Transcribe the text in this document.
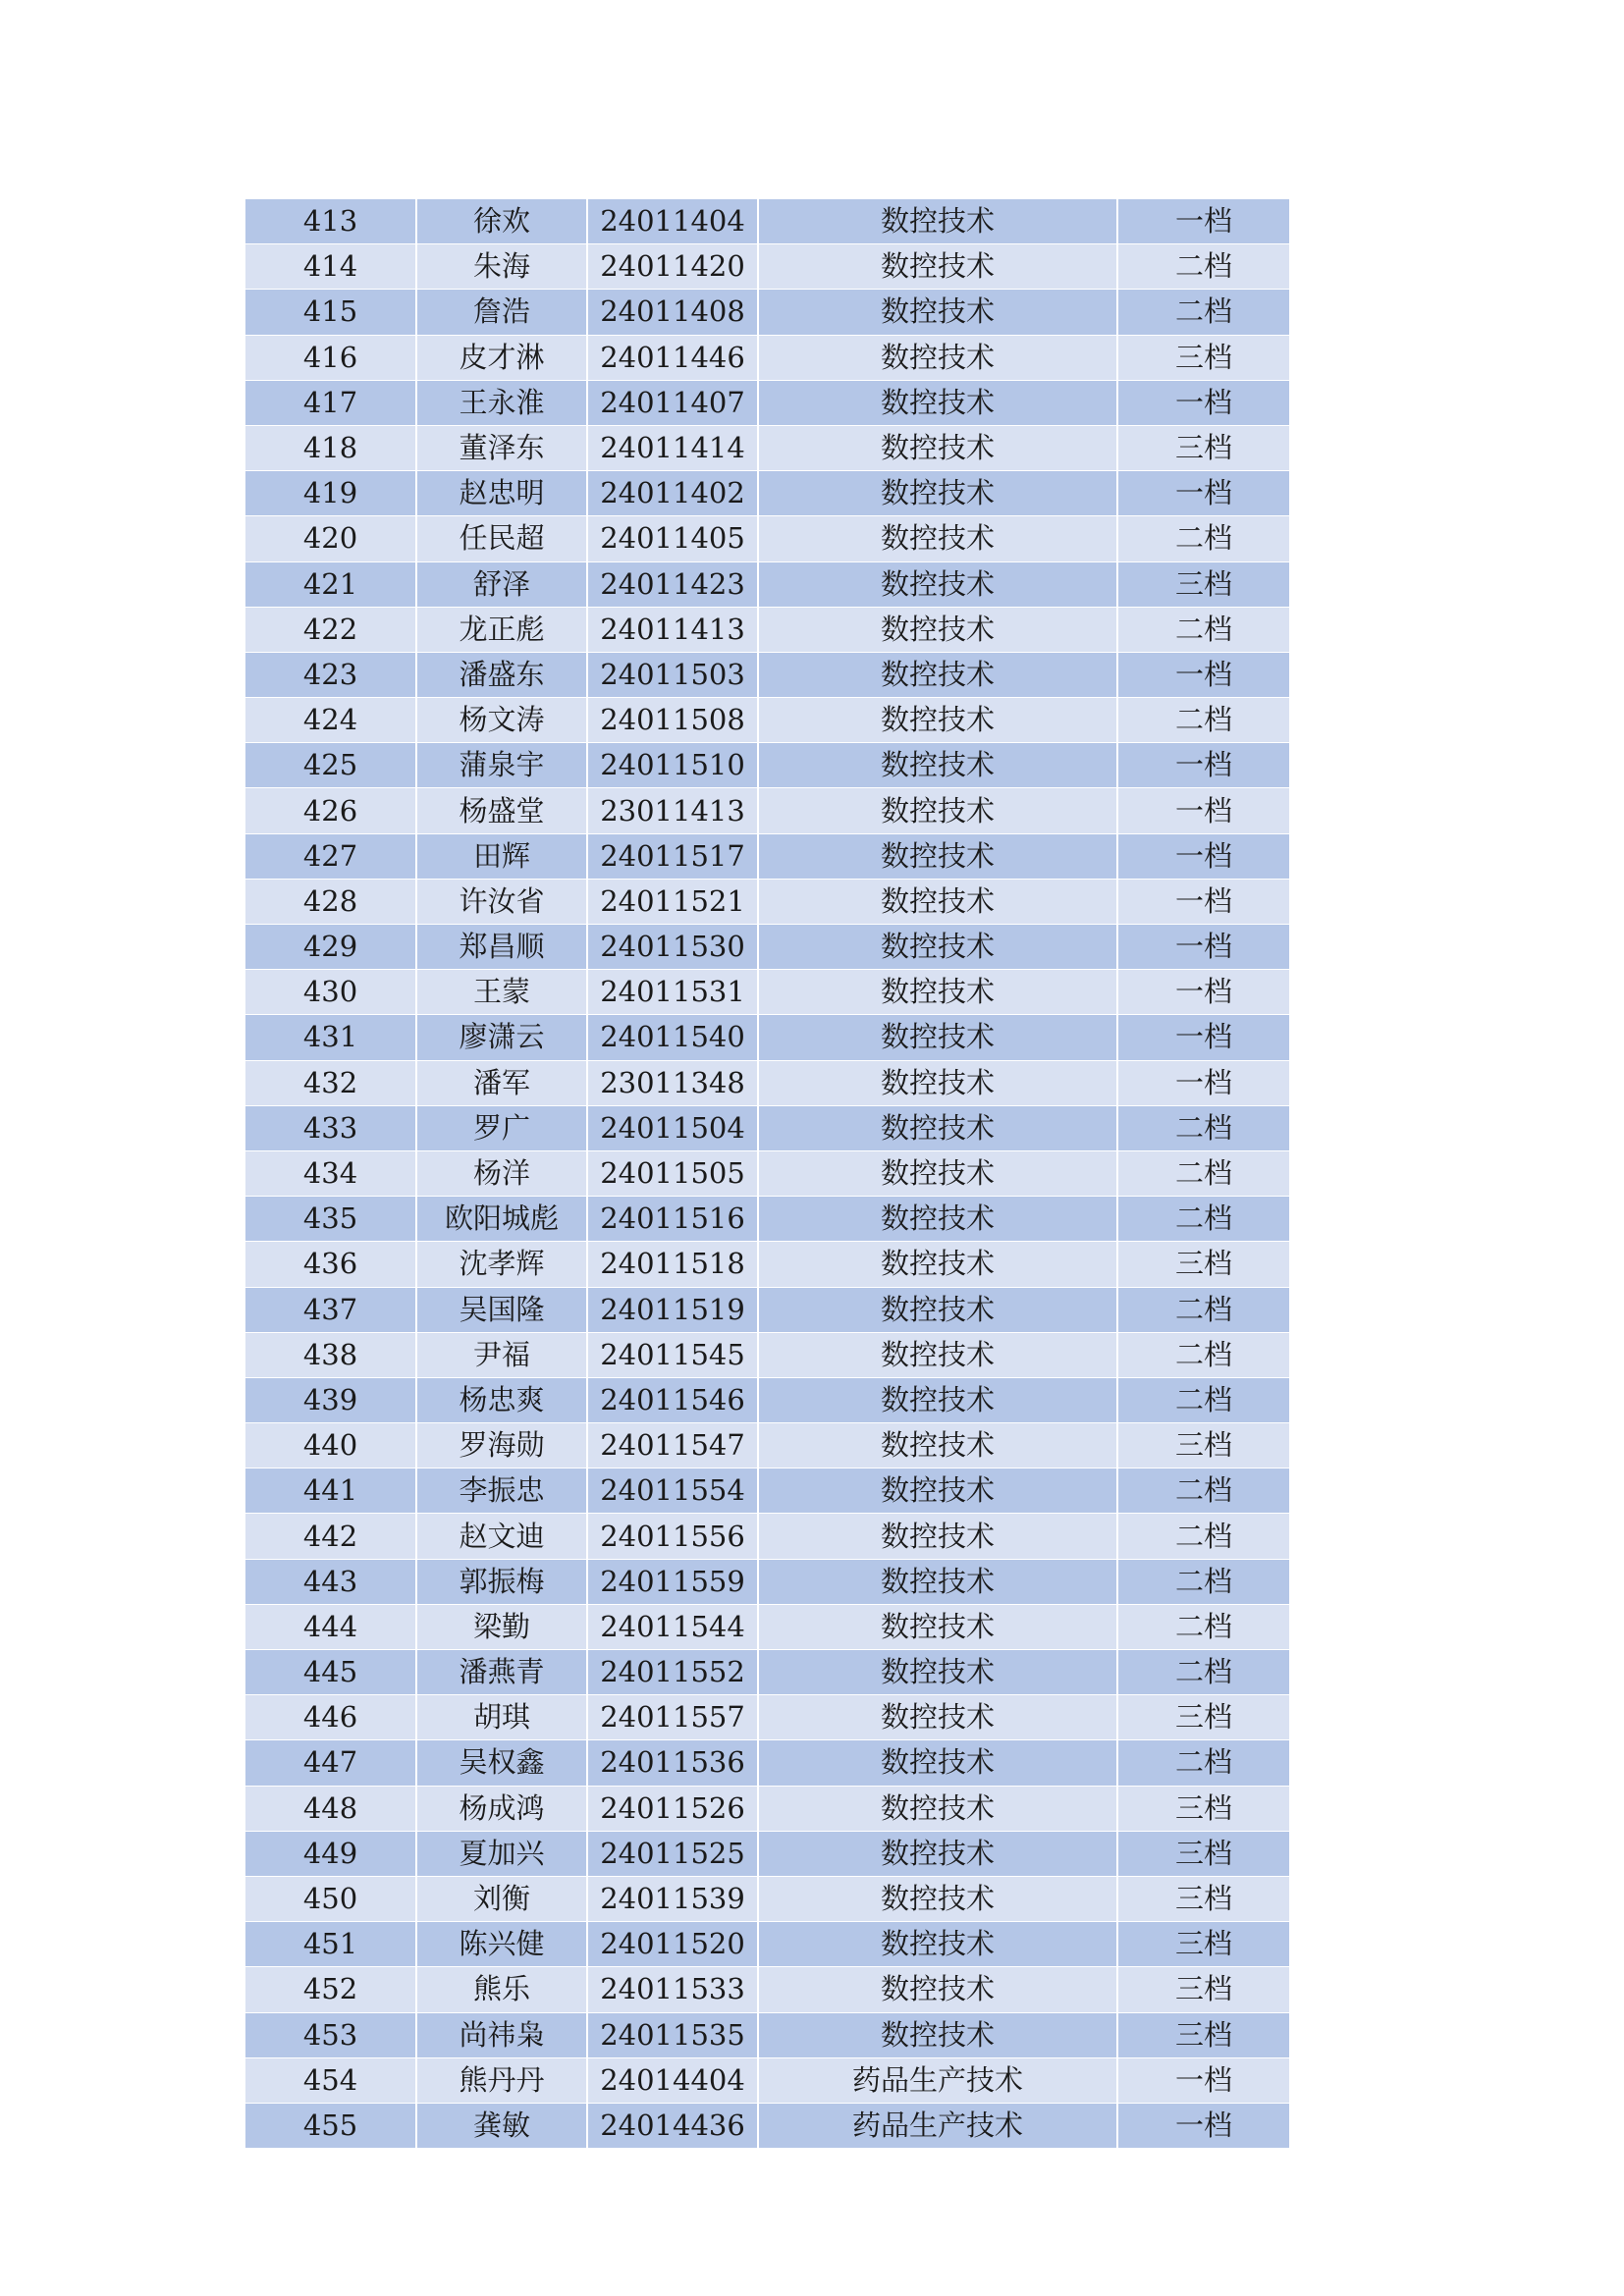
413	徐欢	24011404	数控技术	一档
414	朱海	24011420	数控技术	二档
415	詹浩	24011408	数控技术	二档
416	皮才淋	24011446	数控技术	三档
417	王永淮	24011407	数控技术	一档
418	董泽东	24011414	数控技术	三档
419	赵忠明	24011402	数控技术	一档
420	任民超	24011405	数控技术	二档
421	舒泽	24011423	数控技术	三档
422	龙正彪	24011413	数控技术	二档
423	潘盛东	24011503	数控技术	一档
424	杨文涛	24011508	数控技术	二档
425	蒲泉宇	24011510	数控技术	一档
426	杨盛堂	23011413	数控技术	一档
427	田辉	24011517	数控技术	一档
428	许汝省	24011521	数控技术	一档
429	郑昌顺	24011530	数控技术	一档
430	王蒙	24011531	数控技术	一档
431	廖潇云	24011540	数控技术	一档
432	潘军	23011348	数控技术	一档
433	罗广	24011504	数控技术	二档
434	杨洋	24011505	数控技术	二档
435	欧阳城彪	24011516	数控技术	二档
436	沈孝辉	24011518	数控技术	三档
437	吴国隆	24011519	数控技术	二档
438	尹福	24011545	数控技术	二档
439	杨忠爽	24011546	数控技术	二档
440	罗海勋	24011547	数控技术	三档
441	李振忠	24011554	数控技术	二档
442	赵文迪	24011556	数控技术	二档
443	郭振梅	24011559	数控技术	二档
444	梁勤	24011544	数控技术	二档
445	潘燕青	24011552	数控技术	二档
446	胡琪	24011557	数控技术	三档
447	吴权鑫	24011536	数控技术	二档
448	杨成鸿	24011526	数控技术	三档
449	夏加兴	24011525	数控技术	三档
450	刘衡	24011539	数控技术	三档
451	陈兴健	24011520	数控技术	三档
452	熊乐	24011533	数控技术	三档
453	尚祎枭	24011535	数控技术	三档
454	熊丹丹	24014404	药品生产技术	一档
455	龚敏	24014436	药品生产技术	一档
